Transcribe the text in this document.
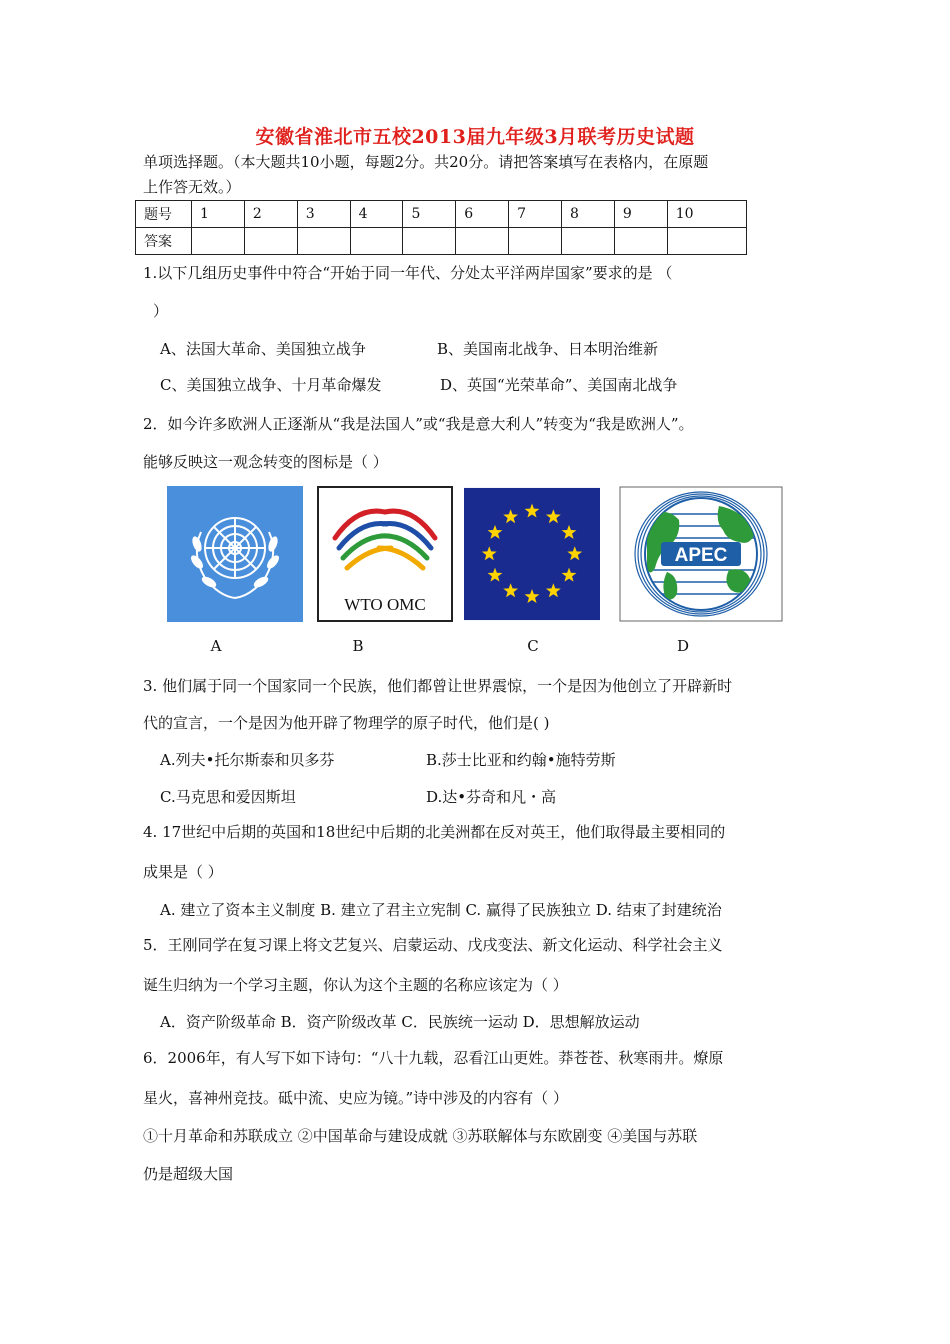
安徽省淮北市五校2013届九年级3月联考历史试题
单项选择题。（本大题共10小题，每题2分。共20分。请把答案填写在表格内，在原题
上作答无效。）
题号	1	2	3	4	5	6	7	8	9	10
答案										
1.以下几组历史事件中符合“开始于同一年代、分处太平洋两岸国家”要求的是 （
）
A、法国大革命、美国独立战争	B、美国南北战争、日本明治维新
C、美国独立战争、十月革命爆发	D、英国“光荣革命”、美国南北战争
2．如今许多欧洲人正逐渐从“我是法国人”或“我是意大利人”转变为“我是欧洲人”。
能够反映这一观念转变的图标是（ ）
WTO OMC
APEC
A	B	C	D
3. 他们属于同一个国家同一个民族，他们都曾让世界震惊，一个是因为他创立了开辟新时
代的宣言，一个是因为他开辟了物理学的原子时代，他们是( )
A.列夫•托尔斯泰和贝多芬	B.莎士比亚和约翰•施特劳斯
C.马克思和爱因斯坦	D.达•芬奇和凡・高
4. 17世纪中后期的英国和18世纪中后期的北美洲都在反对英王，他们取得最主要相同的
成果是（ ）
A. 建立了资本主义制度 B. 建立了君主立宪制 C. 赢得了民族独立 D. 结束了封建统治
5．王刚同学在复习课上将文艺复兴、启蒙运动、戊戌变法、新文化运动、科学社会主义
诞生归纳为一个学习主题，你认为这个主题的名称应该定为（ ）
A．资产阶级革命 B．资产阶级改革 C．民族统一运动 D．思想解放运动
6．2006年，有人写下如下诗句：“八十九载，忍看江山更姓。莽苍苍、秋寒雨井。燎原
星火，喜神州竞技。砥中流、史应为镜。”诗中涉及的内容有（ ）
①十月革命和苏联成立 ②中国革命与建设成就 ③苏联解体与东欧剧变 ④美国与苏联
仍是超级大国
